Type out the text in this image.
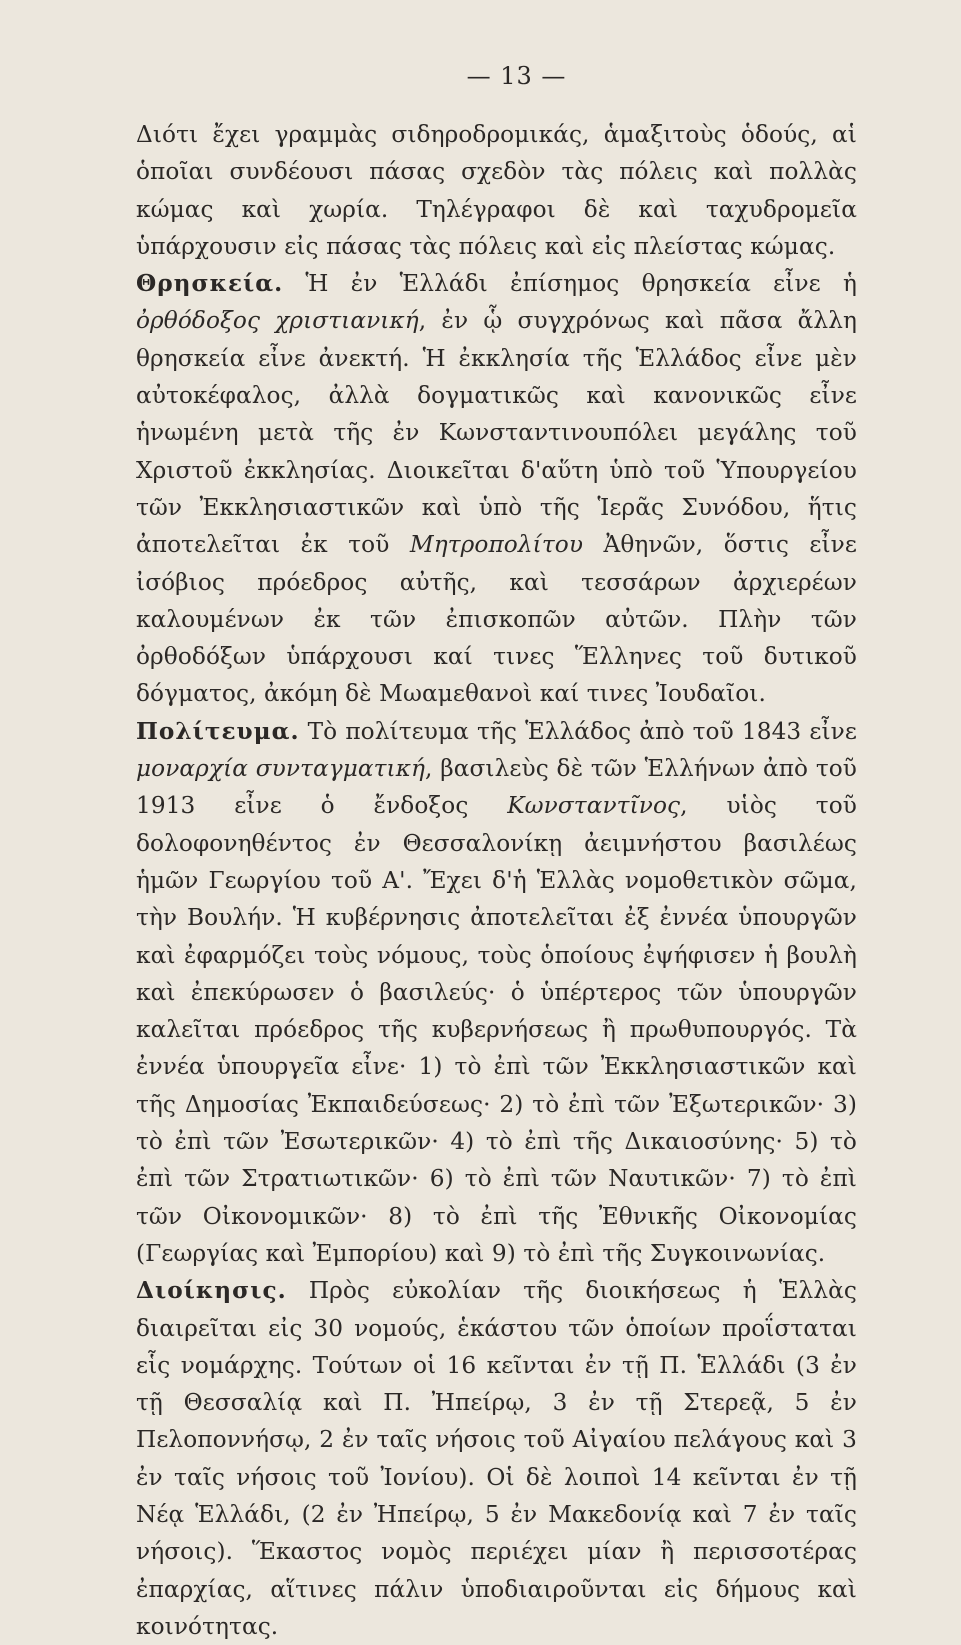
— 13 —

Διότι ἔχει γραμμὰς σιδηροδρομικάς, ἁμαξιτοὺς ὁδούς, αἱ ὁποῖαι συνδέουσι πάσας σχεδὸν τὰς πόλεις καὶ πολλὰς κώμας καὶ χωρία. Τηλέγραφοι δὲ καὶ ταχυδρομεῖα ὑπάρχουσιν εἰς πάσας τὰς πόλεις καὶ εἰς πλείστας κώμας.

Θρησκεία. Ἡ ἐν Ἑλλάδι ἐπίσημος θρησκεία εἶνε ἡ ὀρθόδοξος χριστιανική, ἐν ᾧ συγχρόνως καὶ πᾶσα ἄλλη θρησκεία εἶνε ἀνεκτή. Ἡ ἐκκλησία τῆς Ἑλλάδος εἶνε μὲν αὐτοκέφαλος, ἀλλὰ δογματικῶς καὶ κανονικῶς εἶνε ἡνωμένη μετὰ τῆς ἐν Κωνσταντινουπόλει μεγάλης τοῦ Χριστοῦ ἐκκλησίας. Διοικεῖται δ'αὕτη ὑπὸ τοῦ Ὑπουργείου τῶν Ἐκκλησιαστικῶν καὶ ὑπὸ τῆς Ἱερᾶς Συνόδου, ἥτις ἀποτελεῖται ἐκ τοῦ Μητροπολίτου Ἀθηνῶν, ὅστις εἶνε ἰσόβιος πρόεδρος αὐτῆς, καὶ τεσσάρων ἀρχιερέων καλουμένων ἐκ τῶν ἐπισκοπῶν αὐτῶν. Πλὴν τῶν ὀρθοδόξων ὑπάρχουσι καί τινες Ἕλληνες τοῦ δυτικοῦ δόγματος, ἀκόμη δὲ Μωαμεθανοὶ καί τινες Ἰουδαῖοι.

Πολίτευμα. Τὸ πολίτευμα τῆς Ἑλλάδος ἀπὸ τοῦ 1843 εἶνε μοναρχία συνταγματική, βασιλεὺς δὲ τῶν Ἑλλήνων ἀπὸ τοῦ 1913 εἶνε ὁ ἔνδοξος Κωνσταντῖνος, υἱὸς τοῦ δολοφονηθέντος ἐν Θεσσαλονίκῃ ἀειμνήστου βασιλέως ἡμῶν Γεωργίου τοῦ Α'. Ἔχει δ'ἡ Ἑλλὰς νομοθετικὸν σῶμα, τὴν Βουλήν. Ἡ κυβέρνησις ἀποτελεῖται ἐξ ἐννέα ὑπουργῶν καὶ ἐφαρμόζει τοὺς νόμους, τοὺς ὁποίους ἐψήφισεν ἡ βουλὴ καὶ ἐπεκύρωσεν ὁ βασιλεύς· ὁ ὑπέρτερος τῶν ὑπουργῶν καλεῖται πρόεδρος τῆς κυβερνήσεως ἢ πρωθυπουργός. Τὰ ἐννέα ὑπουργεῖα εἶνε· 1) τὸ ἐπὶ τῶν Ἐκκλησιαστικῶν καὶ τῆς Δημοσίας Ἐκπαιδεύσεως· 2) τὸ ἐπὶ τῶν Ἐξωτερικῶν· 3) τὸ ἐπὶ τῶν Ἐσωτερικῶν· 4) τὸ ἐπὶ τῆς Δικαιοσύνης· 5) τὸ ἐπὶ τῶν Στρατιωτικῶν· 6) τὸ ἐπὶ τῶν Ναυτικῶν· 7) τὸ ἐπὶ τῶν Οἰκονομικῶν· 8) τὸ ἐπὶ τῆς Ἐθνικῆς Οἰκονομίας (Γεωργίας καὶ Ἐμπορίου) καὶ 9) τὸ ἐπὶ τῆς Συγκοινωνίας.

Διοίκησις. Πρὸς εὐκολίαν τῆς διοικήσεως ἡ Ἑλλὰς διαιρεῖται εἰς 30 νομούς, ἑκάστου τῶν ὁποίων προΐσταται εἷς νομάρχης. Τούτων οἱ 16 κεῖνται ἐν τῇ Π. Ἑλλάδι (3 ἐν τῇ Θεσσαλίᾳ καὶ Π. Ἠπείρῳ, 3 ἐν τῇ Στερεᾷ, 5 ἐν Πελοποννήσῳ, 2 ἐν ταῖς νήσοις τοῦ Αἰγαίου πελάγους καὶ 3 ἐν ταῖς νήσοις τοῦ Ἰονίου). Οἱ δὲ λοιποὶ 14 κεῖνται ἐν τῇ Νέᾳ Ἑλλάδι, (2 ἐν Ἠπείρῳ, 5 ἐν Μακεδονίᾳ καὶ 7 ἐν ταῖς νήσοις). Ἕκαστος νομὸς περιέχει μίαν ἢ περισσοτέρας ἐπαρχίας, αἵτινες πάλιν ὑποδιαιροῦνται εἰς δήμους καὶ κοινότητας.
